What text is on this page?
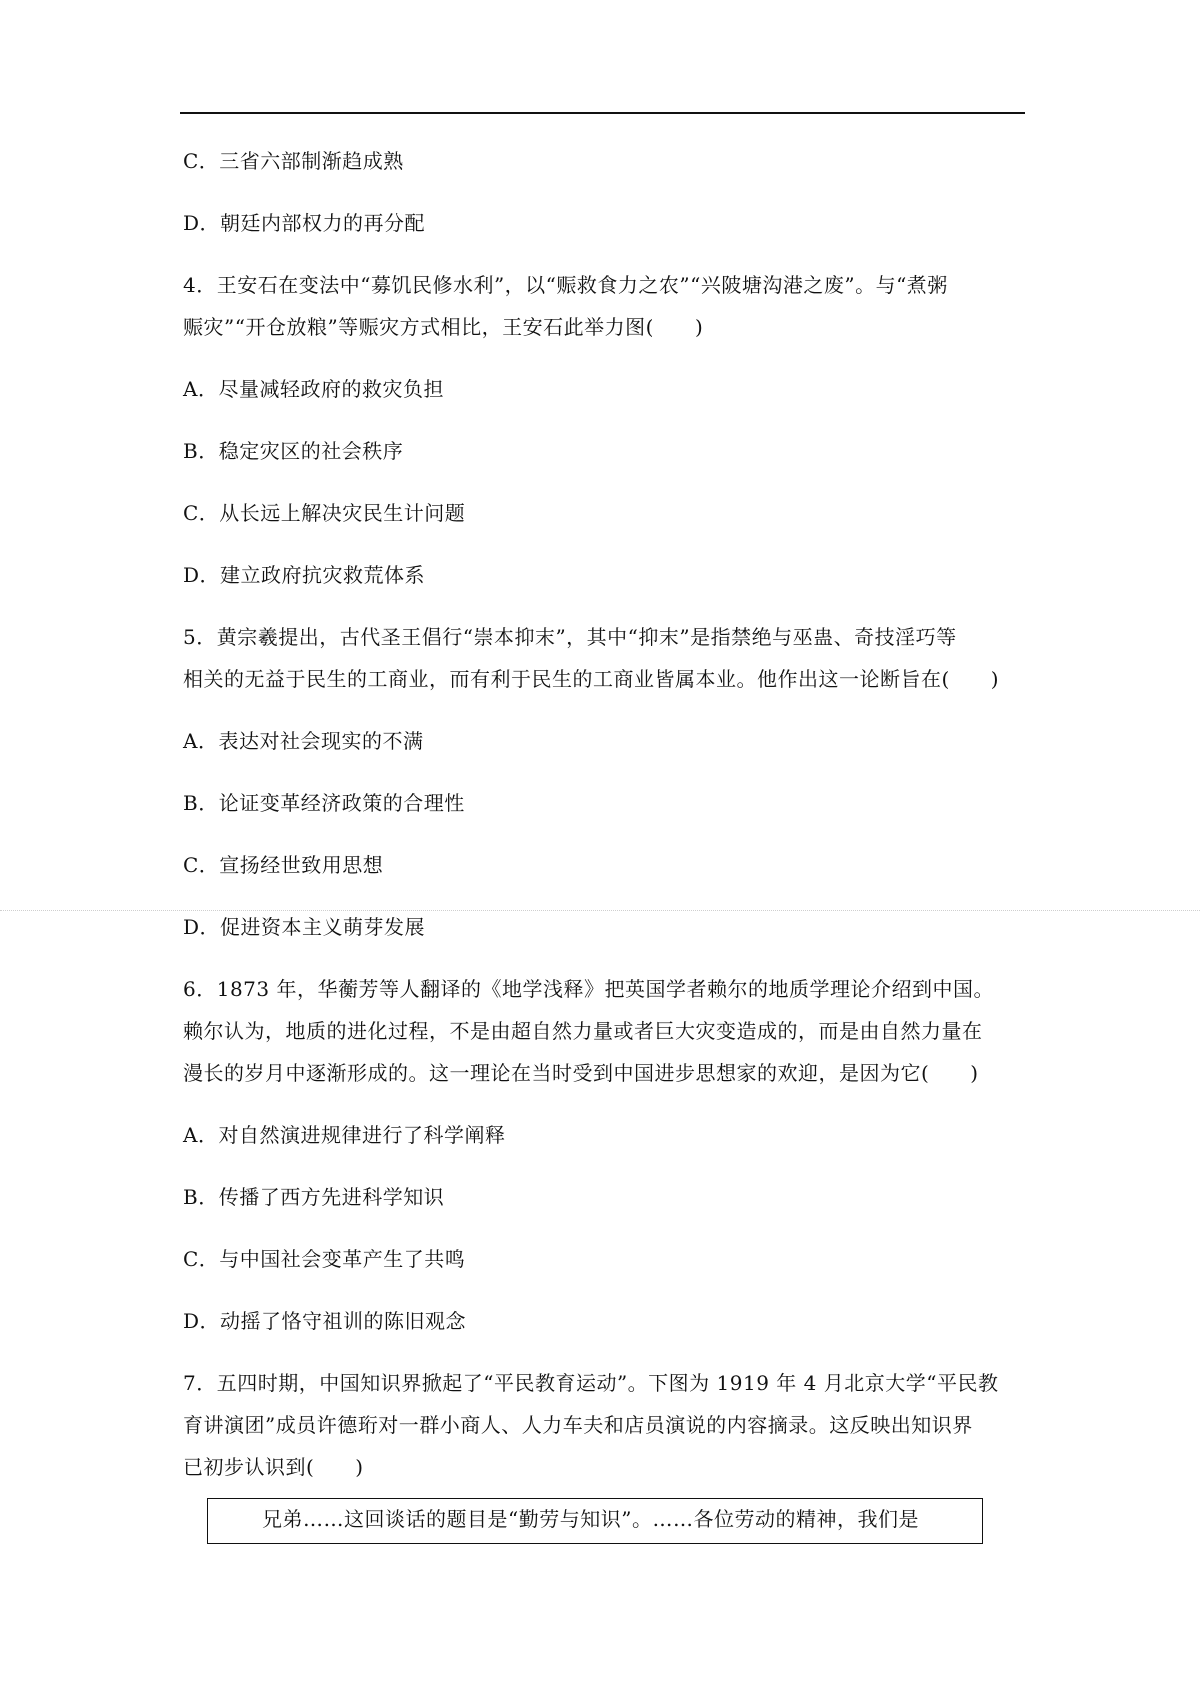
C．三省六部制渐趋成熟
D．朝廷内部权力的再分配
4．王安石在变法中“募饥民修水利”，以“赈救食力之农”“兴陂塘沟港之废”。与“煮粥
赈灾”“开仓放粮”等赈灾方式相比，王安石此举力图(　　)
A．尽量减轻政府的救灾负担
B．稳定灾区的社会秩序
C．从长远上解决灾民生计问题
D．建立政府抗灾救荒体系
5．黄宗羲提出，古代圣王倡行“崇本抑末”，其中“抑末”是指禁绝与巫蛊、奇技淫巧等
相关的无益于民生的工商业，而有利于民生的工商业皆属本业。他作出这一论断旨在(　　)
A．表达对社会现实的不满
B．论证变革经济政策的合理性
C．宣扬经世致用思想
D．促进资本主义萌芽发展
6．1873 年，华蘅芳等人翻译的《地学浅释》把英国学者赖尔的地质学理论介绍到中国。
赖尔认为，地质的进化过程，不是由超自然力量或者巨大灾变造成的，而是由自然力量在
漫长的岁月中逐渐形成的。这一理论在当时受到中国进步思想家的欢迎，是因为它(　　)
A．对自然演进规律进行了科学阐释
B．传播了西方先进科学知识
C．与中国社会变革产生了共鸣
D．动摇了恪守祖训的陈旧观念
7．五四时期，中国知识界掀起了“平民教育运动”。下图为 1919 年 4 月北京大学“平民教
育讲演团”成员许德珩对一群小商人、人力车夫和店员演说的内容摘录。这反映出知识界
已初步认识到(　　)
兄弟……这回谈话的题目是“勤劳与知识”。……各位劳动的精神，我们是
